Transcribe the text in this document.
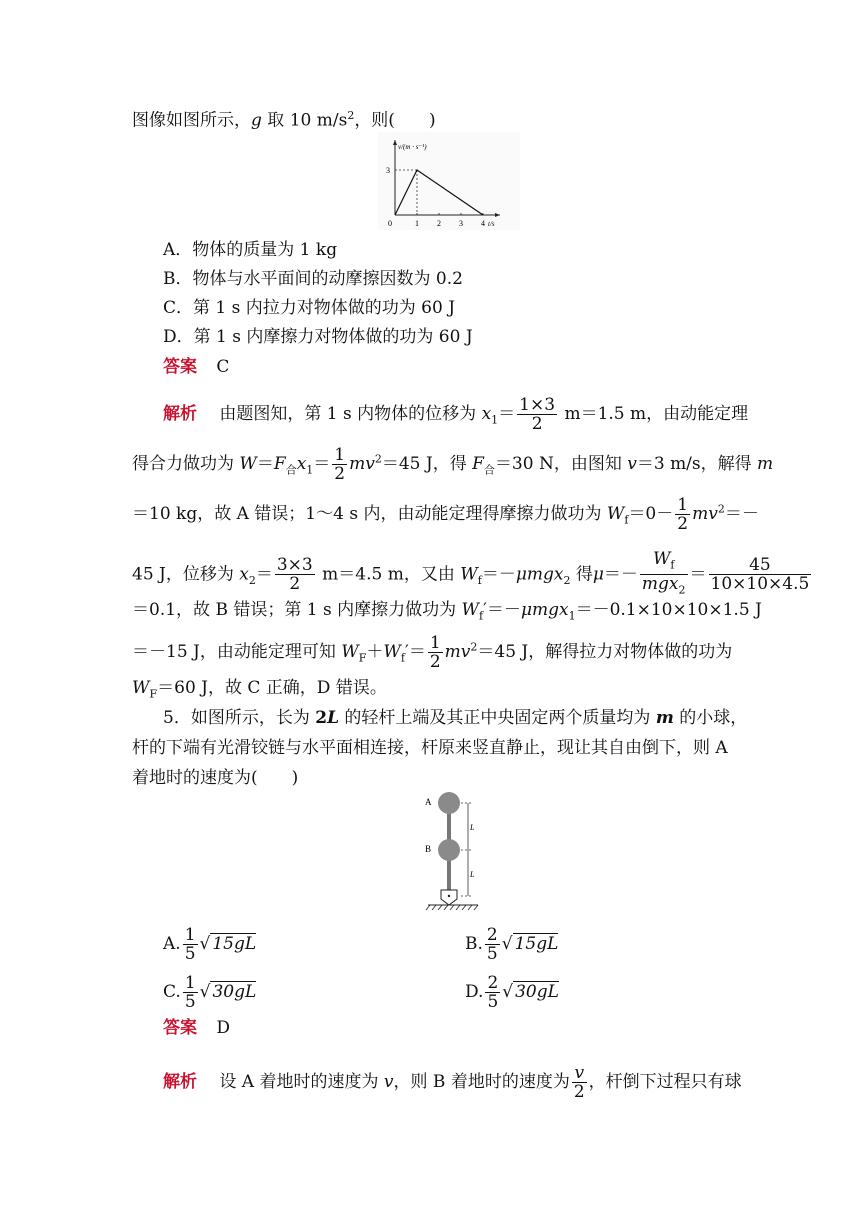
图像如图所示，g 取 10 $m/s^2$，则(　　)
v/(m · s⁻¹)
t/s
0	1 2 3 4
3
A．物体的质量为 1 kg
B．物体与水平面间的动摩擦因数为 0.2
C．第 1 s 内拉力对物体做的功为 60 J
D．第 1 s 内摩擦力对物体做的功为 60 J
答案 C
解析 　由题图知，第 1 s 内物体的位移为 $x_1= \frac{1\times 3}{2} m=1.5$ m，由动能定理
得合力做功为 $W=F_合x_1= \frac{1}{2} mv^2=45$ J，得 $F_合=30$ N，由图知 v＝3 m/s，解得 m
＝10 kg，故 A 错误；1～4 s 内，由动能定理得摩擦力做功为 $W_f=0- \frac{1}{2} mv^2=-$
45 J，位移为 $x_2= \frac{3\times 3}{2} m=4.5$ m，又由 $W_f=-\mu mgx_2$ 得$\mu=- \frac{W_f}{mgx_2} = \frac{45}{10\times 10\times 4.5}$
＝0.1，故 B 错误；第 1 s 内摩擦力做功为 $W_f'=-\mu mgx_1=-0.1\times 10\times 10\times 1.5$ J
＝－15 J，由动能定理可知 $W_F+W_f'= \frac{1}{2} mv^2=45$ J，解得拉力对物体做的功为
$W_F=60$ J，故 C 正确，D 错误。
5．如图所示，长为 2L 的轻杆上端及其正中央固定两个质量均为 m 的小球，
杆的下端有光滑铰链与水平面相连接，杆原来竖直静止，现让其自由倒下，则 A
着地时的速度为(　　)
A
B
L
L
A. $\frac{1}{5}$ √ 15gL	B. $\frac{2}{5}$ √ 15gL
C. $\frac{1}{5}$ √ 30gL	D. $\frac{2}{5}$ √ 30gL
答案 D
解析 　设 A 着地时的速度为 v，则 B 着地时的速度为 $\frac{v}{2}$ ，杆倒下过程只有球
